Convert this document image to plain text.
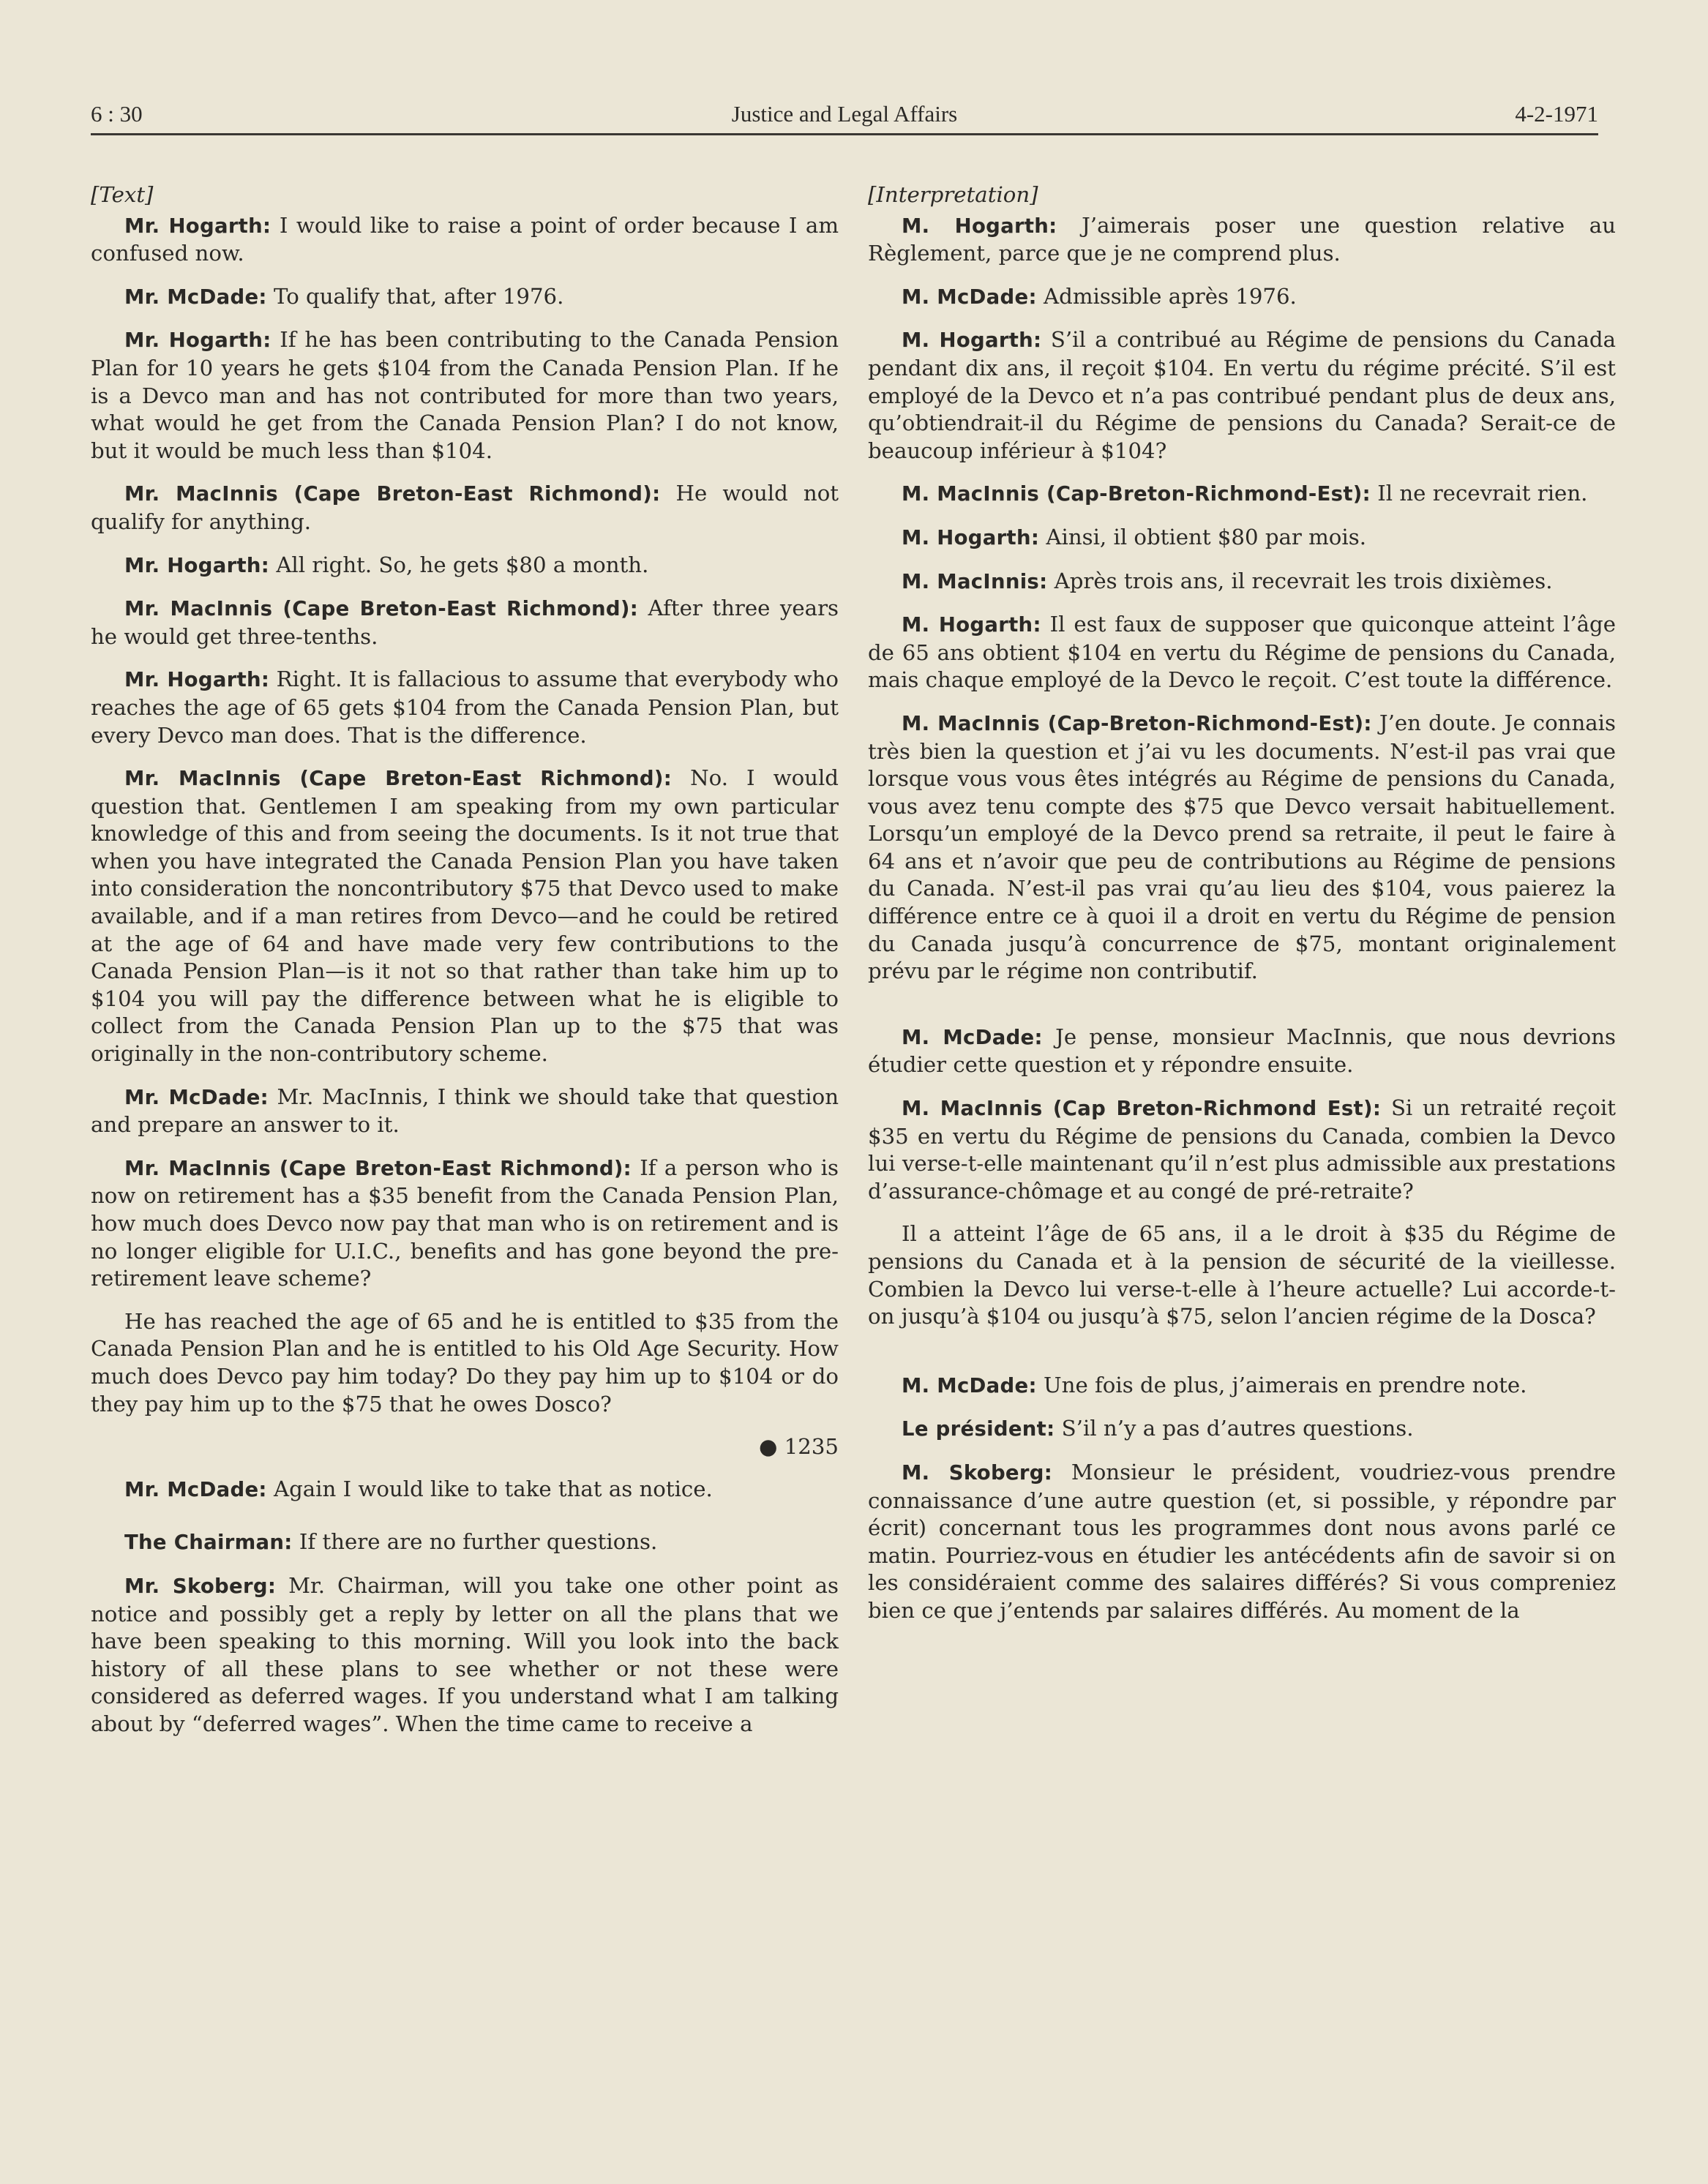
6 : 30	Justice and Legal Affairs	4-2-1971

[Text]

Mr. Hogarth: I would like to raise a point of order because I am confused now.

Mr. McDade: To qualify that, after 1976.

Mr. Hogarth: If he has been contributing to the Canada Pension Plan for 10 years he gets $104 from the Canada Pension Plan. If he is a Devco man and has not contributed for more than two years, what would he get from the Canada Pension Plan? I do not know, but it would be much less than $104.

Mr. MacInnis (Cape Breton-East Richmond): He would not qualify for anything.

Mr. Hogarth: All right. So, he gets $80 a month.

Mr. MacInnis (Cape Breton-East Richmond): After three years he would get three-tenths.

Mr. Hogarth: Right. It is fallacious to assume that everybody who reaches the age of 65 gets $104 from the Canada Pension Plan, but every Devco man does. That is the difference.

Mr. MacInnis (Cape Breton-East Richmond): No. I would question that. Gentlemen I am speaking from my own particular knowledge of this and from seeing the documents. Is it not true that when you have integrated the Canada Pension Plan you have taken into consideration the noncontributory $75 that Devco used to make available, and if a man retires from Devco—and he could be retired at the age of 64 and have made very few contributions to the Canada Pension Plan—is it not so that rather than take him up to $104 you will pay the difference between what he is eligible to collect from the Canada Pension Plan up to the $75 that was originally in the non-contributory scheme.

Mr. McDade: Mr. MacInnis, I think we should take that question and prepare an answer to it.

Mr. MacInnis (Cape Breton-East Richmond): If a person who is now on retirement has a $35 benefit from the Canada Pension Plan, how much does Devco now pay that man who is on retirement and is no longer eligible for U.I.C., benefits and has gone beyond the pre-retirement leave scheme?

He has reached the age of 65 and he is entitled to $35 from the Canada Pension Plan and he is entitled to his Old Age Security. How much does Devco pay him today? Do they pay him up to $104 or do they pay him up to the $75 that he owes Dosco?

● 1235

Mr. McDade: Again I would like to take that as notice.

The Chairman: If there are no further questions.

Mr. Skoberg: Mr. Chairman, will you take one other point as notice and possibly get a reply by letter on all the plans that we have been speaking to this morning. Will you look into the back history of all these plans to see whether or not these were considered as deferred wages. If you understand what I am talking about by “deferred wages”. When the time came to receive a

[Interpretation]

M. Hogarth: J’aimerais poser une question relative au Règlement, parce que je ne comprend plus.

M. McDade: Admissible après 1976.

M. Hogarth: S’il a contribué au Régime de pensions du Canada pendant dix ans, il reçoit $104. En vertu du régime précité. S’il est employé de la Devco et n’a pas contribué pendant plus de deux ans, qu’obtiendrait-il du Régime de pensions du Canada? Serait-ce de beaucoup inférieur à $104?

M. MacInnis (Cap-Breton-Richmond-Est): Il ne recevrait rien.

M. Hogarth: Ainsi, il obtient $80 par mois.

M. MacInnis: Après trois ans, il recevrait les trois dixièmes.

M. Hogarth: Il est faux de supposer que quiconque atteint l’âge de 65 ans obtient $104 en vertu du Régime de pensions du Canada, mais chaque employé de la Devco le reçoit. C’est toute la différence.

M. MacInnis (Cap-Breton-Richmond-Est): J’en doute. Je connais très bien la question et j’ai vu les documents. N’est-il pas vrai que lorsque vous vous êtes intégrés au Régime de pensions du Canada, vous avez tenu compte des $75 que Devco versait habituellement. Lorsqu’un employé de la Devco prend sa retraite, il peut le faire à 64 ans et n’avoir que peu de contributions au Régime de pensions du Canada. N’est-il pas vrai qu’au lieu des $104, vous paierez la différence entre ce à quoi il a droit en vertu du Régime de pension du Canada jusqu’à concurrence de $75, montant originalement prévu par le régime non contributif.

M. McDade: Je pense, monsieur MacInnis, que nous devrions étudier cette question et y répondre ensuite.

M. MacInnis (Cap Breton-Richmond Est): Si un retraité reçoit $35 en vertu du Régime de pensions du Canada, combien la Devco lui verse-t-elle maintenant qu’il n’est plus admissible aux prestations d’assurance-chômage et au congé de pré-retraite?

Il a atteint l’âge de 65 ans, il a le droit à $35 du Régime de pensions du Canada et à la pension de sécurité de la vieillesse. Combien la Devco lui verse-t-elle à l’heure actuelle? Lui accorde-t-on jusqu’à $104 ou jusqu’à $75, selon l’ancien régime de la Dosca?

M. McDade: Une fois de plus, j’aimerais en prendre note.

Le président: S’il n’y a pas d’autres questions.

M. Skoberg: Monsieur le président, voudriez-vous prendre connaissance d’une autre question (et, si possible, y répondre par écrit) concernant tous les programmes dont nous avons parlé ce matin. Pourriez-vous en étudier les antécédents afin de savoir si on les considéraient comme des salaires différés? Si vous compreniez bien ce que j’entends par salaires différés. Au moment de la
